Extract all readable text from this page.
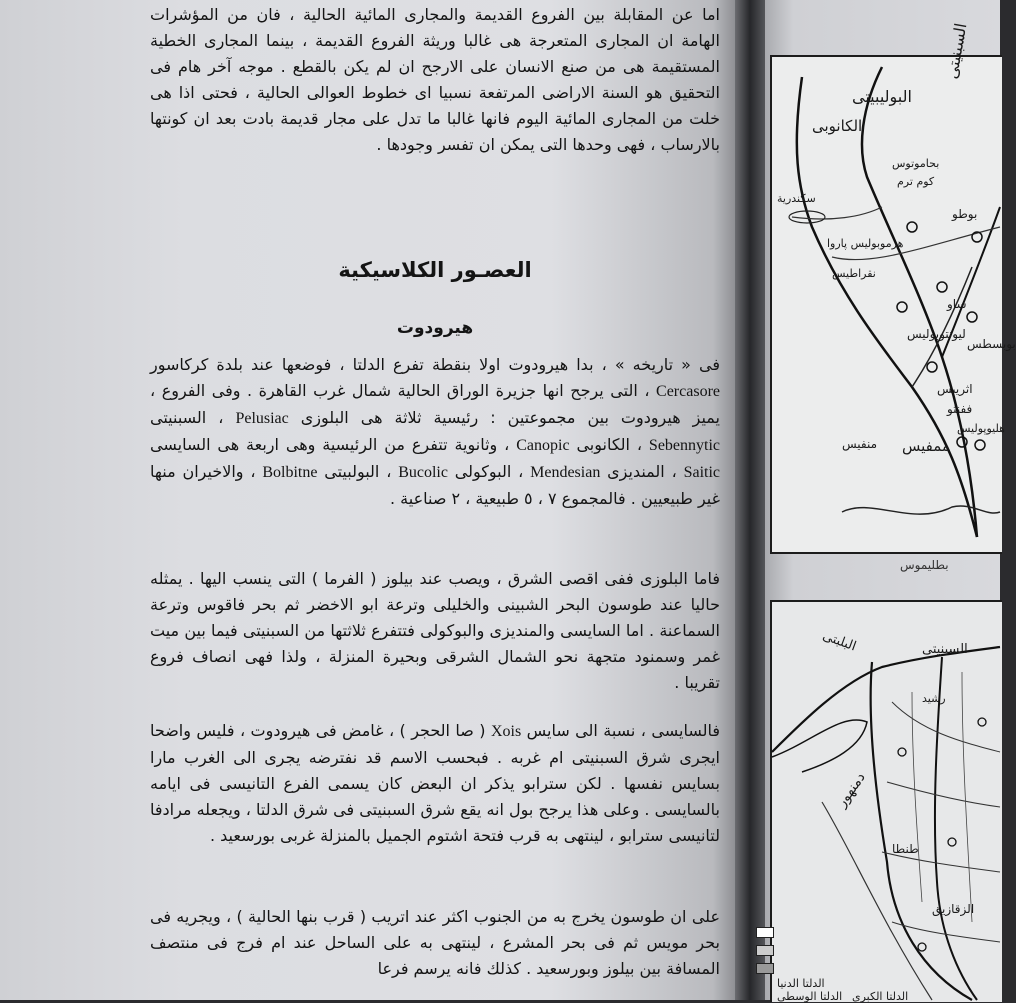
اما عن المقابلة بين الفروع القديمة والمجارى المائية الحالية ، فان من المؤشرات الهامة ان المجارى المتعرجة هى غالبا وريثة الفروع القديمة ، بينما المجارى الخطية المستقيمة هى من صنع الانسان على الارجح ان لم يكن بالقطع . موجه آخر هام فى التحقيق هو السنة الاراضى المرتفعة نسبيا اى خطوط العوالى الحالية ، فحتى اذا هى خلت من المجارى المائية اليوم فانها غالبا ما تدل على مجار قديمة بادت بعد ان كونتها بالارساب ، فهى وحدها التى يمكن ان تفسر وجودها .

العصـور الكلاسيكية
هيرودوت

فى « تاريخه » ، بدا هيرودوت اولا بنقطة تفرع الدلتا ، فوضعها عند بلدة كركاسور Cercasore ، التى يرجح انها جزيرة الوراق الحالية شمال غرب القاهرة . وفى الفروع ، يميز هيرودوت بين مجموعتين : رئيسية ثلاثة هى البلوزى Pelusiac ، السبنيتى Sebennytic ، الكانوبى Canopic ، وثانوية تتفرع من الرئيسية وهى اربعة هى السايسى Saitic ، المنديزى Mendesian ، البوكولى Bucolic ، البولبيتى Bolbitne ، والاخيران منها غير طبيعيين . فالمجموع ٧ ، ٥ طبيعية ، ٢ صناعية .

فاما البلوزى ففى اقصى الشرق ، ويصب عند بيلوز ( الفرما ) التى ينسب اليها . يمثله حاليا عند طوسون البحر الشبينى والخليلى وترعة ابو الاخضر ثم بحر فاقوس وترعة السماعنة . اما السايسى والمنديزى والبوكولى فتتفرع ثلاثتها من السبنيتى فيما بين ميت غمر وسمنود متجهة نحو الشمال الشرقى وبحيرة المنزلة ، ولذا فهى انصاف فروع تقريبا .

فالسايسى ، نسبة الى سايس Xois ( صا الحجر ) ، غامض فى هيرودوت ، فليس واضحا ايجرى شرق السبنيتى ام غربه . فبحسب الاسم قد نفترضه يجرى الى الغرب مارا بسايس نفسها . لكن سترابو يذكر ان البعض كان يسمى الفرع التانيسى فى ايامه بالسايسى . وعلى هذا يرجح بول انه يقع شرق السبنيتى فى شرق الدلتا ، ويجعله مرادفا لتانيسى سترابو ، لينتهى به قرب فتحة اشتوم الجميل بالمنزلة غربى بورسعيد .

على ان طوسون يخرج به من الجنوب اكثر عند اتريب ( قرب بنها الحالية ) ، ويجريه فى بحر مويس ثم فى بحر المشرع ، لينتهى به على الساحل عند ام فرج فى منتصف المسافة بين بيلوز وبورسعيد . كذلك فانه يرسم فرعا

السبنيتى
البوليبيتى
الكانوبى
بحاموتوس
كوم ترم
سكندرية
هرموبوليس پاروا
نقراطيس
بوطو
ساو
بوبسطس
ليونتوبوليس
اثريبس
ففنثو
هليوپوليس
منفيس ممفيس
بطليموس
السبنيتى
البلبتى
دمنهور
طنطا
الزقازيق
رشيد
الدلتا الدنيا
الدلتا الوسطى الدلتا الكبرى
